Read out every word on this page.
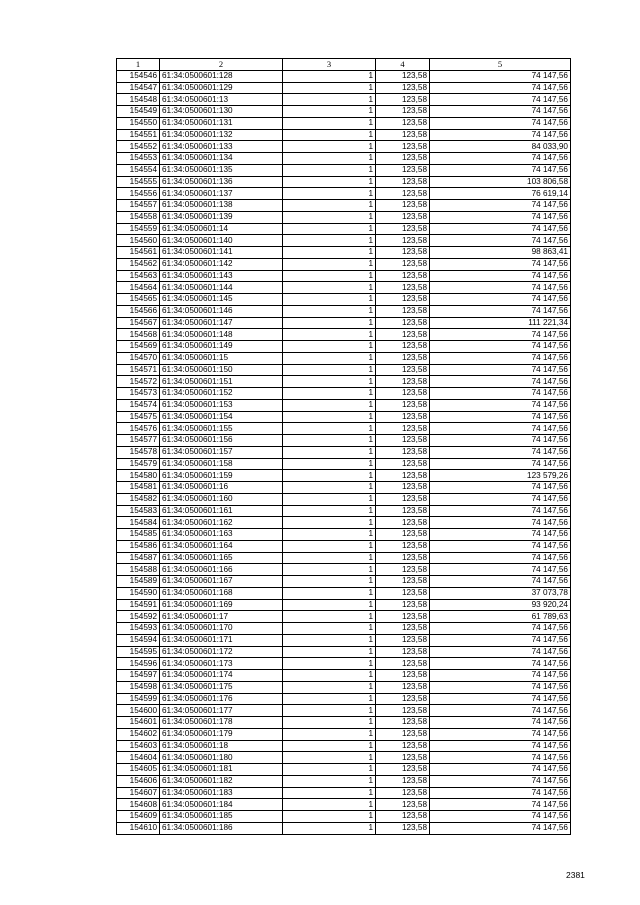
1	2	3	4	5
154546	61:34:0500601:128	1	123,58	74 147,56
154547	61:34:0500601:129	1	123,58	74 147,56
154548	61:34:0500601:13	1	123,58	74 147,56
154549	61:34:0500601:130	1	123,58	74 147,56
154550	61:34:0500601:131	1	123,58	74 147,56
154551	61:34:0500601:132	1	123,58	74 147,56
154552	61:34:0500601:133	1	123,58	84 033,90
154553	61:34:0500601:134	1	123,58	74 147,56
154554	61:34:0500601:135	1	123,58	74 147,56
154555	61:34:0500601:136	1	123,58	103 806,58
154556	61:34:0500601:137	1	123,58	76 619,14
154557	61:34:0500601:138	1	123,58	74 147,56
154558	61:34:0500601:139	1	123,58	74 147,56
154559	61:34:0500601:14	1	123,58	74 147,56
154560	61:34:0500601:140	1	123,58	74 147,56
154561	61:34:0500601:141	1	123,58	98 863,41
154562	61:34:0500601:142	1	123,58	74 147,56
154563	61:34:0500601:143	1	123,58	74 147,56
154564	61:34:0500601:144	1	123,58	74 147,56
154565	61:34:0500601:145	1	123,58	74 147,56
154566	61:34:0500601:146	1	123,58	74 147,56
154567	61:34:0500601:147	1	123,58	111 221,34
154568	61:34:0500601:148	1	123,58	74 147,56
154569	61:34:0500601:149	1	123,58	74 147,56
154570	61:34:0500601:15	1	123,58	74 147,56
154571	61:34:0500601:150	1	123,58	74 147,56
154572	61:34:0500601:151	1	123,58	74 147,56
154573	61:34:0500601:152	1	123,58	74 147,56
154574	61:34:0500601:153	1	123,58	74 147,56
154575	61:34:0500601:154	1	123,58	74 147,56
154576	61:34:0500601:155	1	123,58	74 147,56
154577	61:34:0500601:156	1	123,58	74 147,56
154578	61:34:0500601:157	1	123,58	74 147,56
154579	61:34:0500601:158	1	123,58	74 147,56
154580	61:34:0500601:159	1	123,58	123 579,26
154581	61:34:0500601:16	1	123,58	74 147,56
154582	61:34:0500601:160	1	123,58	74 147,56
154583	61:34:0500601:161	1	123,58	74 147,56
154584	61:34:0500601:162	1	123,58	74 147,56
154585	61:34:0500601:163	1	123,58	74 147,56
154586	61:34:0500601:164	1	123,58	74 147,56
154587	61:34:0500601:165	1	123,58	74 147,56
154588	61:34:0500601:166	1	123,58	74 147,56
154589	61:34:0500601:167	1	123,58	74 147,56
154590	61:34:0500601:168	1	123,58	37 073,78
154591	61:34:0500601:169	1	123,58	93 920,24
154592	61:34:0500601:17	1	123,58	61 789,63
154593	61:34:0500601:170	1	123,58	74 147,56
154594	61:34:0500601:171	1	123,58	74 147,56
154595	61:34:0500601:172	1	123,58	74 147,56
154596	61:34:0500601:173	1	123,58	74 147,56
154597	61:34:0500601:174	1	123,58	74 147,56
154598	61:34:0500601:175	1	123,58	74 147,56
154599	61:34:0500601:176	1	123,58	74 147,56
154600	61:34:0500601:177	1	123,58	74 147,56
154601	61:34:0500601:178	1	123,58	74 147,56
154602	61:34:0500601:179	1	123,58	74 147,56
154603	61:34:0500601:18	1	123,58	74 147,56
154604	61:34:0500601:180	1	123,58	74 147,56
154605	61:34:0500601:181	1	123,58	74 147,56
154606	61:34:0500601:182	1	123,58	74 147,56
154607	61:34:0500601:183	1	123,58	74 147,56
154608	61:34:0500601:184	1	123,58	74 147,56
154609	61:34:0500601:185	1	123,58	74 147,56
154610	61:34:0500601:186	1	123,58	74 147,56
2381
